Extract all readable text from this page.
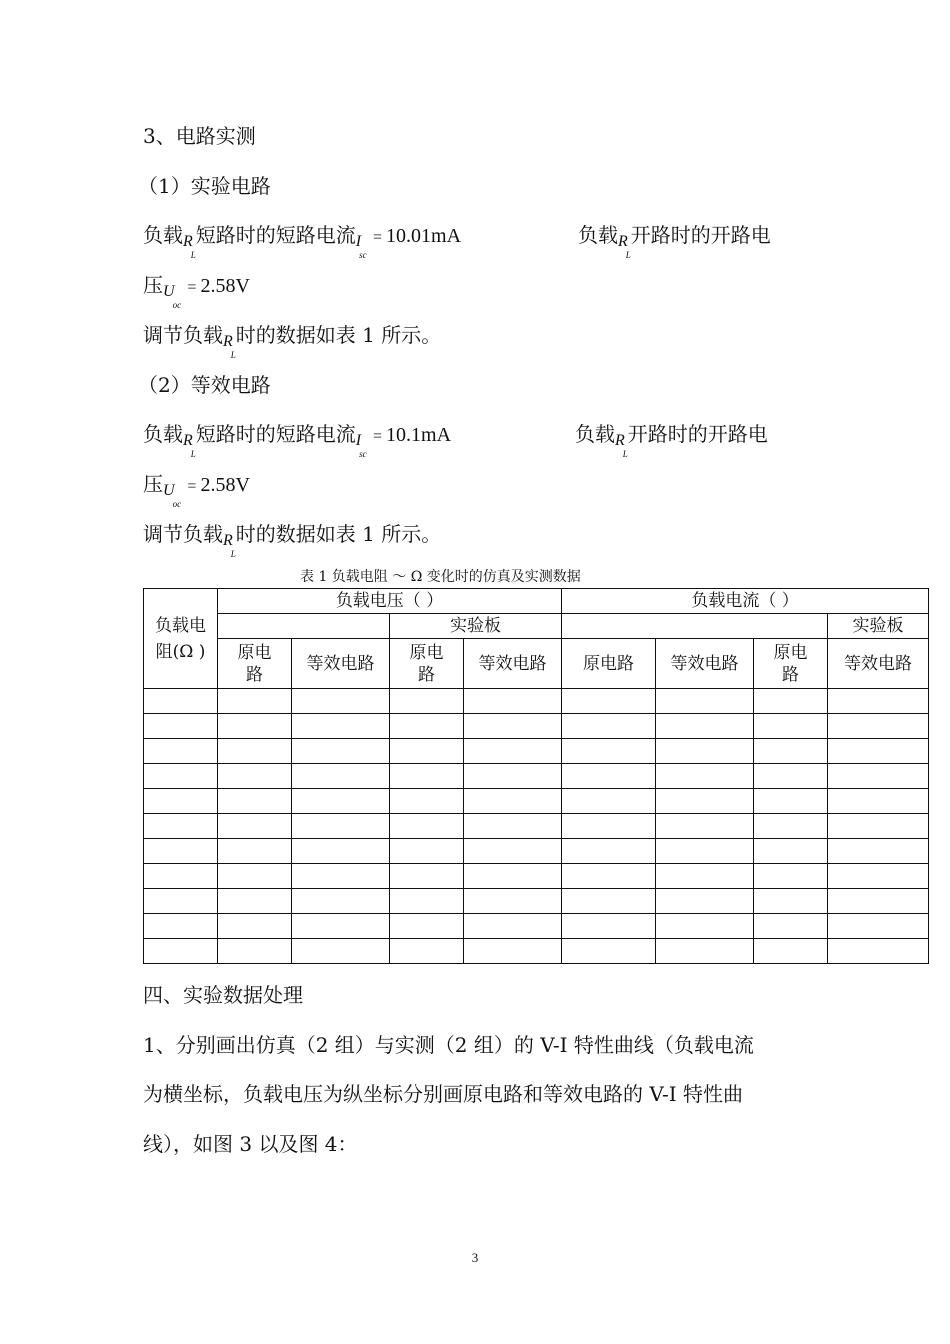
3、电路实测
（1）实验电路
负载$_{RL}$短路时的短路电流$_{Isc}$ = 10.01mA	负载$_{RL}$开路时的开路电
压$_{Uoc}$ = 2.58V
调节负载$_{RL}$时的数据如表 1 所示。
（2）等效电路
负载$_{RL}$短路时的短路电流$_{Isc}$ = 10.1mA	负载$_{RL}$开路时的开路电
压$_{Uoc}$ = 2.58V
调节负载$_{RL}$时的数据如表 1 所示。
表 1 负载电阻 ～ Ω 变化时的仿真及实测数据
负载电阻(Ω )	负载电压（ ）				负载电流（ ）			
			实验板					实验板
	原电路	等效电路	原电路	等效电路	原电路	等效电路	原电路	等效电路

四、实验数据处理
1、分别画出仿真（2 组）与实测（2 组）的 V-I 特性曲线（负载电流
为横坐标，负载电压为纵坐标分别画原电路和等效电路的 V-I 特性曲
线），如图 3 以及图 4：
3
